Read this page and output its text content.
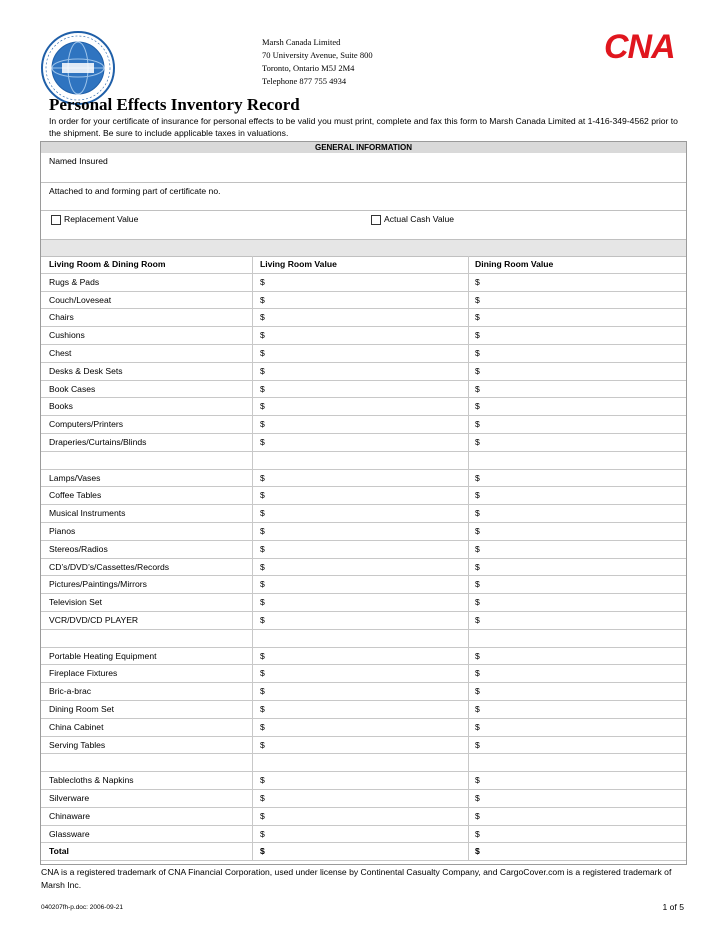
Marsh Canada Limited
70 University Avenue, Suite 800
Toronto, Ontario M5J 2M4
Telephone 877 755 4934
CNA
Personal Effects Inventory Record
In order for your certificate of insurance for personal effects to be valid you must print, complete and fax this form to Marsh Canada Limited at 1-416-349-4562 prior to the shipment. Be sure to include applicable taxes in valuations.
GENERAL INFORMATION
Named Insured
Attached to and forming part of certificate no.
Replacement Value	Actual Cash Value
Living Room & Dining Room	Living Room Value	Dining Room Value
Rugs & Pads	$	$
Couch/Loveseat	$	$
Chairs	$	$
Cushions	$	$
Chest	$	$
Desks & Desk Sets	$	$
Book Cases	$	$
Books	$	$
Computers/Printers	$	$
Draperies/Curtains/Blinds	$	$
Lamps/Vases	$	$
Coffee Tables	$	$
Musical Instruments	$	$
Pianos	$	$
Stereos/Radios	$	$
CD’s/DVD’s/Cassettes/Records	$	$
Pictures/Paintings/Mirrors	$	$
Television Set	$	$
VCR/DVD/CD PLAYER	$	$
Portable Heating Equipment	$	$
Fireplace Fixtures	$	$
Bric-a-brac	$	$
Dining Room Set	$	$
China Cabinet	$	$
Serving Tables	$	$
Tablecloths & Napkins	$	$
Silverware	$	$
Chinaware	$	$
Glassware	$	$
Total	$	$
CNA is a registered trademark of CNA Financial Corporation, used under license by Continental Casualty Company, and CargoCover.com is a registered trademark of Marsh Inc.
040207fh-p.doc: 2006-09-21	1 of 5
